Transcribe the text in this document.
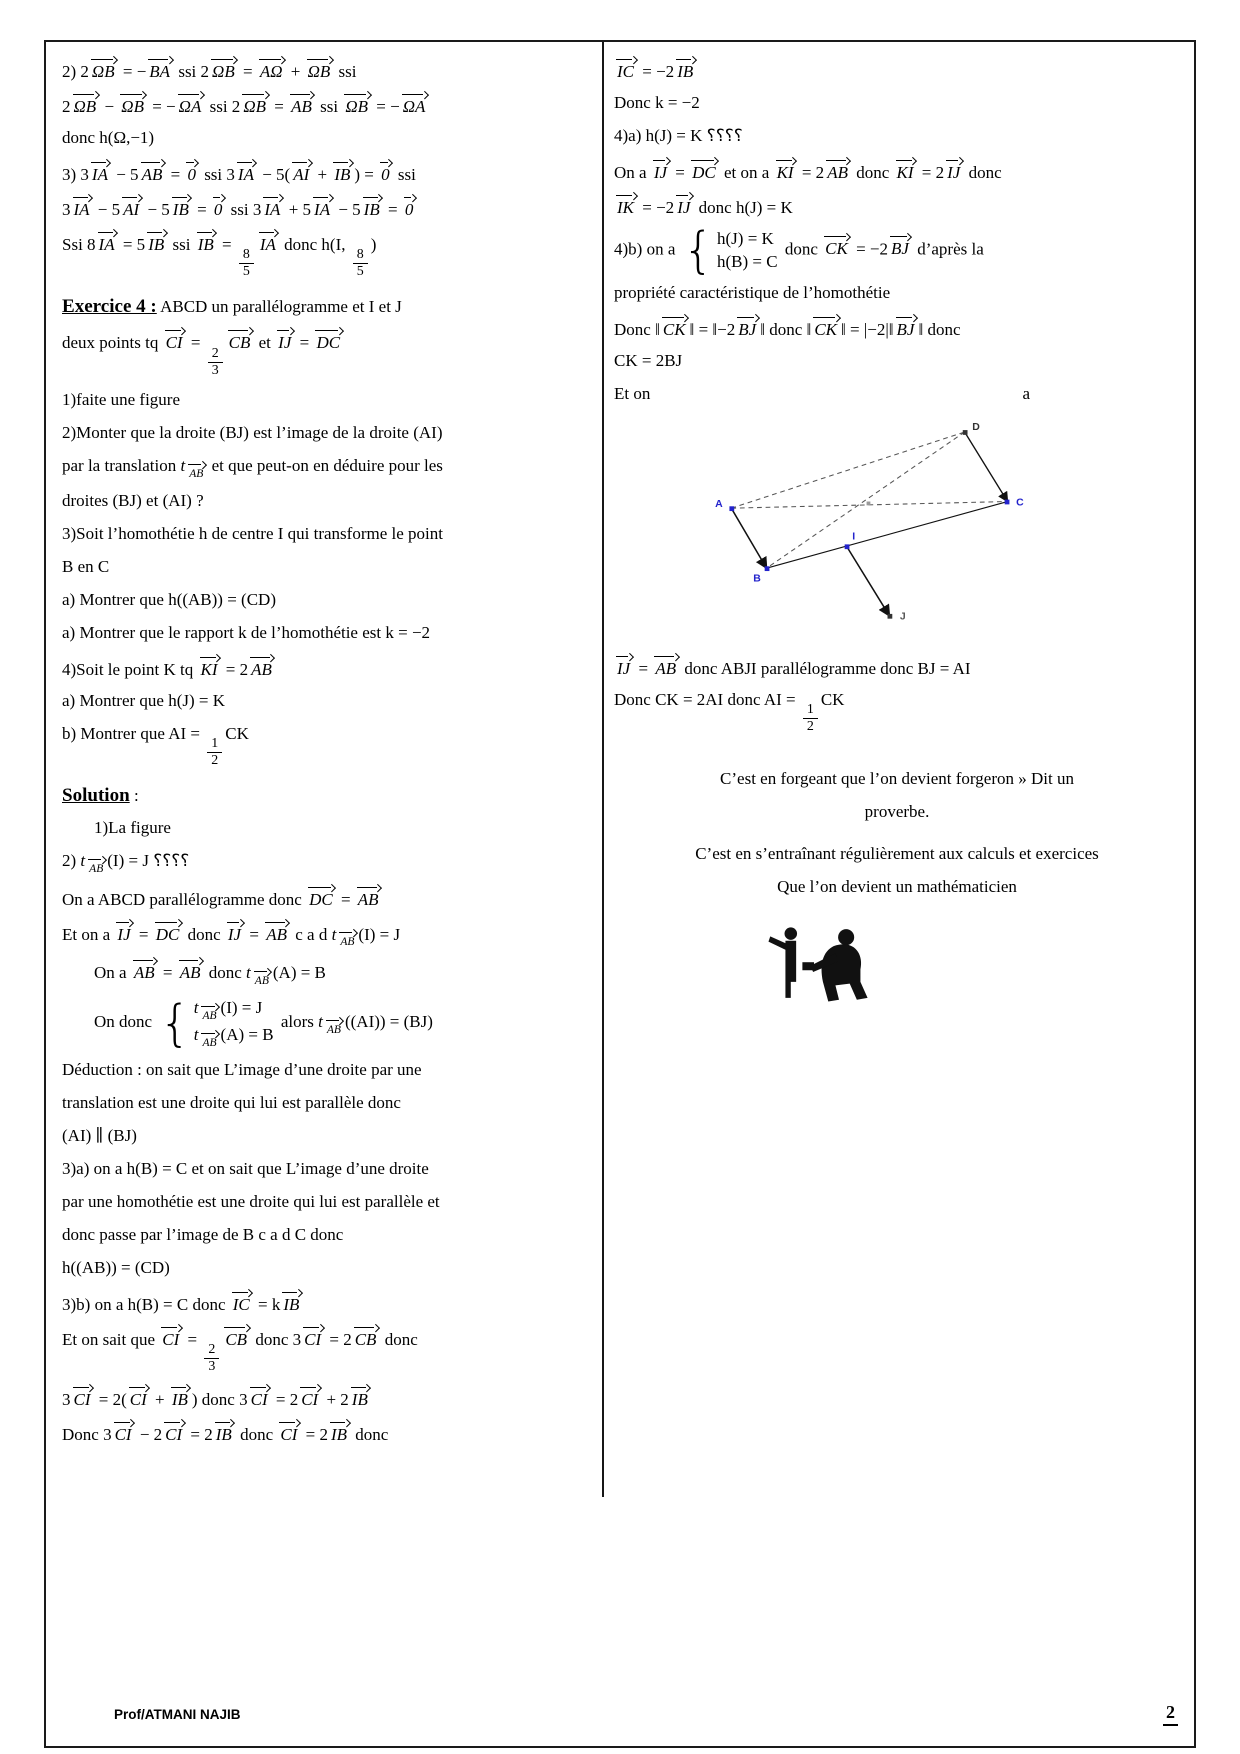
2) 2 ΩB = − BA ssi 2 ΩB = AΩ + ΩB ssi
2 ΩB − ΩB = − ΩA ssi 2 ΩB = AB ssi ΩB = − ΩA
donc h(Ω,−1)
3) 3 IA − 5 AB = 0 ssi 3 IA − 5( AI + IB ) = 0 ssi
3 IA − 5 AI − 5 IB = 0 ssi 3 IA + 5 IA − 5 IB = 0
Ssi 8 IA = 5 IB ssi IB =
$\frac{8}{5}$
IA donc h(I,
$\frac{8}{5}$
)
Exercice 4 : ABCD un parallélogramme et I et J
deux points tq CI =
$\frac{2}{3}$
CB et IJ = DC
1)faite une figure
2)Monter que la droite (BJ) est l’image de la droite (AI)
par la translation t $_{AB}$ et que peut-on en déduire pour les
droites (BJ) et (AI) ?
3)Soit l’homothétie h de centre I qui transforme le point
B en C
a) Montrer que h((AB)) = (CD)
a) Montrer que le rapport k de l’homothétie est k = −2
4)Soit le point K tq KI = 2 AB
a) Montrer que h(J) = K
b) Montrer que AI =
$\frac{1}{2}$
CK
Solution :
1)La figure
2) t $_{AB}$ (I) = J ؟؟؟؟
On a ABCD parallélogramme donc DC = AB
Et on a IJ = DC donc IJ = AB c a d t $_{AB}$ (I) = J
On a AB = AB donc t $_{AB}$ (A) = B
On donc { t $_{AB}$ (I) = J
t $_{AB}$ (A) = B
alors t $_{AB}$ ((AI)) = (BJ)
Déduction : on sait que L’image d’une droite par une
translation est une droite qui lui est parallèle donc
(AI) ∥ (BJ)
3)a) on a h(B) = C et on sait que L’image d’une droite
par une homothétie est une droite qui lui est parallèle et
donc passe par l’image de B c a d C donc
h((AB)) = (CD)
3)b) on a h(B) = C donc IC = k IB
Et on sait que CI =
$\frac{2}{3}$
CB donc 3 CI = 2 CB donc
3 CI = 2( CI + IB ) donc 3 CI = 2 CI + 2 IB
Donc 3 CI − 2 CI = 2 IB donc CI = 2 IB donc
IC = −2 IB
Donc k = −2
4)a) h(J) = K ؟؟؟؟
On a IJ = DC et on a KI = 2 AB donc KI = 2 IJ donc
IK = −2 IJ donc h(J) = K
4)b) on a { h(J) = K
h(B) = C
donc CK = −2 BJ d’après la
propriété caractéristique de l’homothétie
Donc ‖ CK ‖ = ‖−2 BJ ‖ donc ‖ CK ‖ = |−2|‖ BJ ‖ donc
CK = 2BJ
Et on	a
A
B
C
D
I
J
IJ = AB donc ABJI parallélogramme donc BJ = AI
Donc CK = 2AI donc AI =
$\frac{1}{2}$
CK
C’est en forgeant que l’on devient forgeron » Dit un
proverbe.
C’est en s’entraînant régulièrement aux calculs et exercices
Que l’on devient un mathématicien
Prof/ATMANI NAJIB	2
